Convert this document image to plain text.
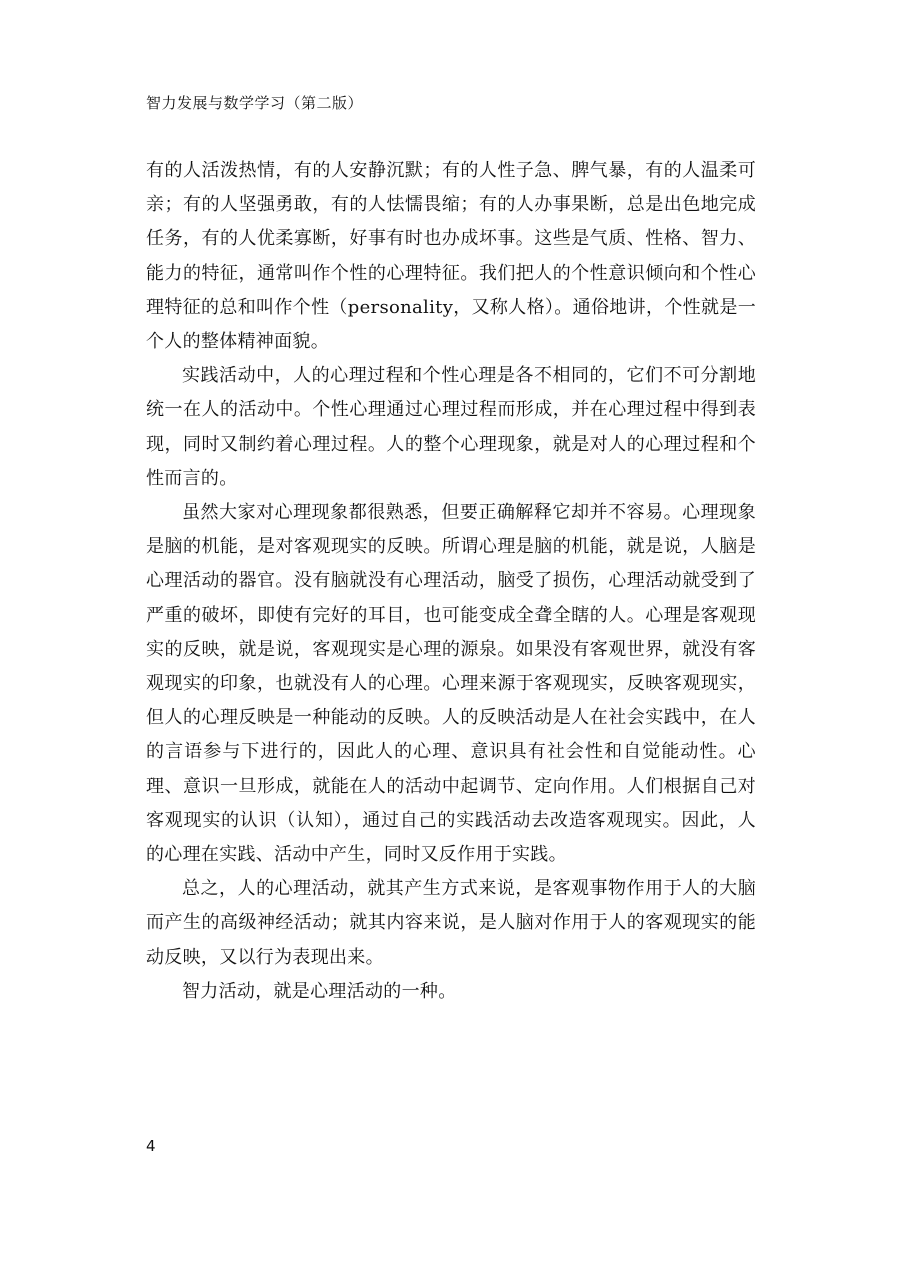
智力发展与数学学习（第二版）

有的人活泼热情，有的人安静沉默；有的人性子急、脾气暴，有的人温柔可亲；有的人坚强勇敢，有的人怯懦畏缩；有的人办事果断，总是出色地完成任务，有的人优柔寡断，好事有时也办成坏事。这些是气质、性格、智力、能力的特征，通常叫作个性的心理特征。我们把人的个性意识倾向和个性心理特征的总和叫作个性（personality，又称人格）。通俗地讲，个性就是一个人的整体精神面貌。

实践活动中，人的心理过程和个性心理是各不相同的，它们不可分割地统一在人的活动中。个性心理通过心理过程而形成，并在心理过程中得到表现，同时又制约着心理过程。人的整个心理现象，就是对人的心理过程和个性而言的。

虽然大家对心理现象都很熟悉，但要正确解释它却并不容易。心理现象是脑的机能，是对客观现实的反映。所谓心理是脑的机能，就是说，人脑是心理活动的器官。没有脑就没有心理活动，脑受了损伤，心理活动就受到了严重的破坏，即使有完好的耳目，也可能变成全聋全瞎的人。心理是客观现实的反映，就是说，客观现实是心理的源泉。如果没有客观世界，就没有客观现实的印象，也就没有人的心理。心理来源于客观现实，反映客观现实，但人的心理反映是一种能动的反映。人的反映活动是人在社会实践中，在人的言语参与下进行的，因此人的心理、意识具有社会性和自觉能动性。心理、意识一旦形成，就能在人的活动中起调节、定向作用。人们根据自己对客观现实的认识（认知），通过自己的实践活动去改造客观现实。因此，人的心理在实践、活动中产生，同时又反作用于实践。

总之，人的心理活动，就其产生方式来说，是客观事物作用于人的大脑而产生的高级神经活动；就其内容来说，是人脑对作用于人的客观现实的能动反映，又以行为表现出来。

智力活动，就是心理活动的一种。

4
